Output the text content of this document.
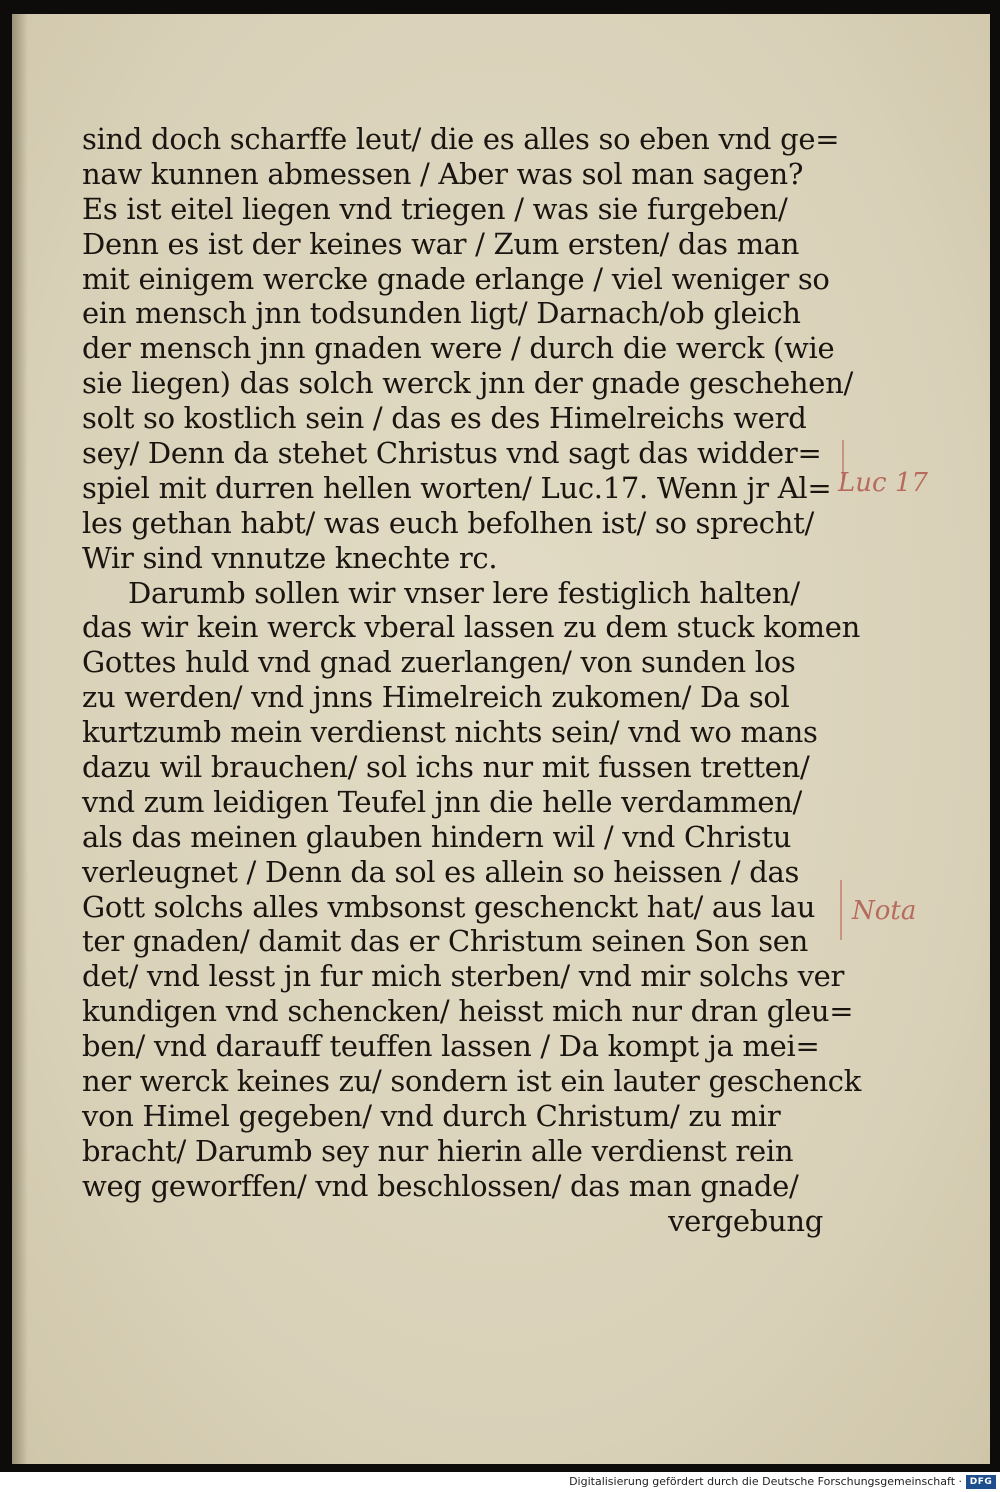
sind doch scharffe leut/ die es alles so eben vnd ge=
naw kunnen abmessen / Aber was sol man sagen?
Es ist eitel liegen vnd triegen / was sie furgeben/
Denn es ist der keines war / Zum ersten/ das man
mit einigem wercke gnade erlange / viel weniger so
ein mensch jnn todsunden ligt/ Darnach/ob gleich
der mensch jnn gnaden were / durch die werck (wie
sie liegen) das solch werck jnn der gnade geschehen/
solt so kostlich sein / das es des Himelreichs werd
sey/ Denn da stehet Christus vnd sagt das widder=
spiel mit durren hellen worten/ Luc.17. Wenn jr Al=
les gethan habt/ was euch befolhen ist/ so sprecht/
Wir sind vnnutze knechte rc.
Darumb sollen wir vnser lere festiglich halten/
das wir kein werck vberal lassen zu dem stuck komen
Gottes huld vnd gnad zuerlangen/ von sunden los
zu werden/ vnd jnns Himelreich zukomen/ Da sol
kurtzumb mein verdienst nichts sein/ vnd wo mans
dazu wil brauchen/ sol ichs nur mit fussen tretten/
vnd zum leidigen Teufel jnn die helle verdammen/
als das meinen glauben hindern wil / vnd Christu
verleugnet / Denn da sol es allein so heissen / das
Gott solchs alles vmbsonst geschenckt hat/ aus lau
ter gnaden/ damit das er Christum seinen Son sen
det/ vnd lesst jn fur mich sterben/ vnd mir solchs ver
kundigen vnd schencken/ heisst mich nur dran gleu=
ben/ vnd darauff teuffen lassen / Da kompt ja mei=
ner werck keines zu/ sondern ist ein lauter geschenck
von Himel gegeben/ vnd durch Christum/ zu mir
bracht/ Darumb sey nur hierin alle verdienst rein
weg geworffen/ vnd beschlossen/ das man gnade/
vergebung
Luc 17
Nota
Digitalisierung gefördert durch die Deutsche Forschungsgemeinschaft · DFG
